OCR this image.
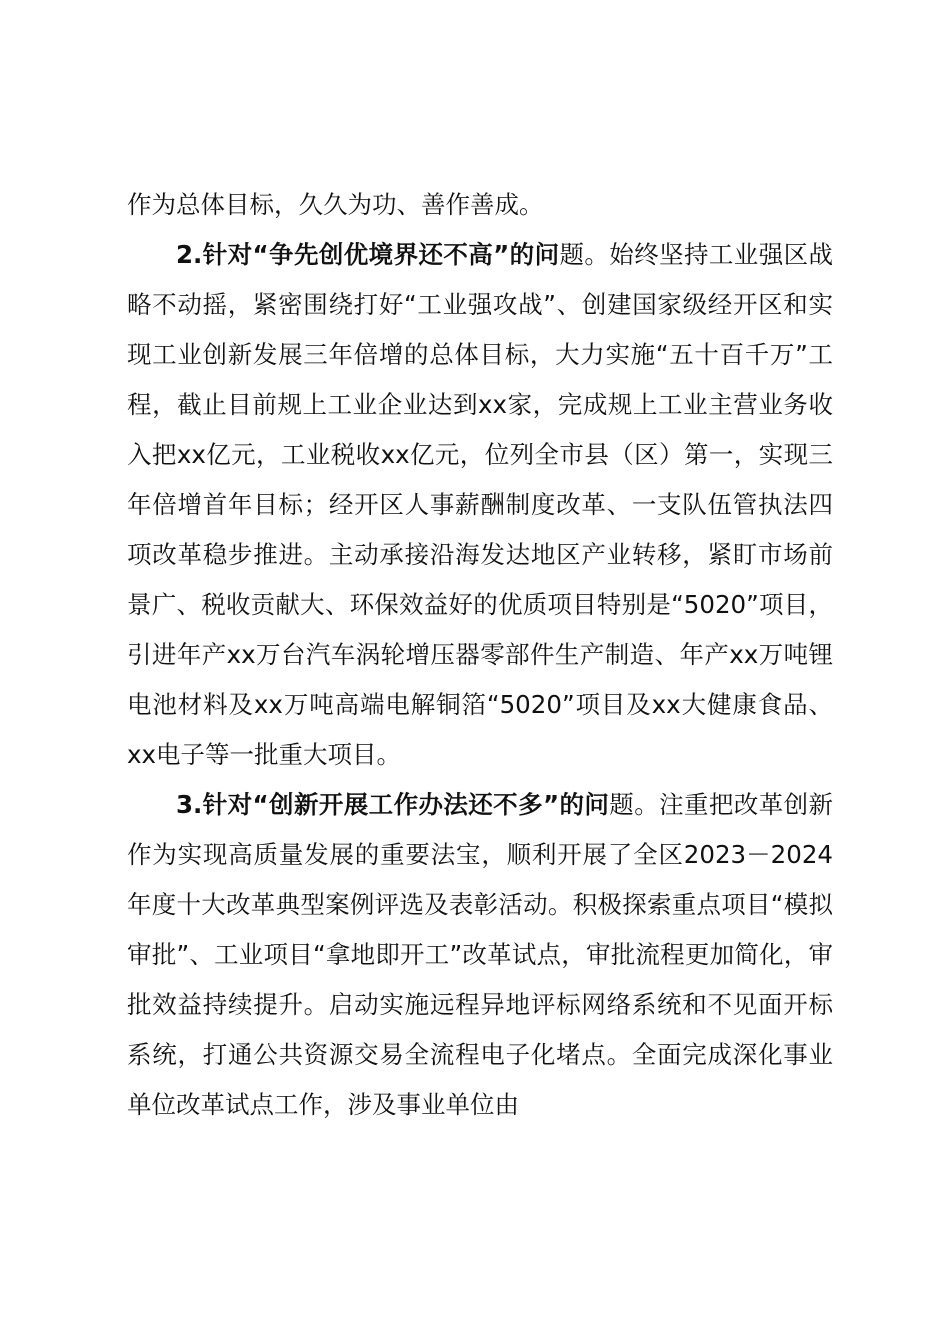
作为总体目标，久久为功、善作善成。

2.针对“争先创优境界还不高”的问题。始终坚持工业强区战略不动摇，紧密围绕打好“工业强攻战”、创建国家级经开区和实现工业创新发展三年倍增的总体目标，大力实施“五十百千万”工程，截止目前规上工业企业达到xx家，完成规上工业主营业务收入把xx亿元，工业税收xx亿元，位列全市县（区）第一，实现三年倍增首年目标；经开区人事薪酬制度改革、一支队伍管执法四项改革稳步推进。主动承接沿海发达地区产业转移，紧盯市场前景广、税收贡献大、环保效益好的优质项目特别是“5020”项目，引进年产xx万台汽车涡轮增压器零部件生产制造、年产xx万吨锂电池材料及xx万吨高端电解铜箔“5020”项目及xx大健康食品、xx电子等一批重大项目。

3.针对“创新开展工作办法还不多”的问题。注重把改革创新作为实现高质量发展的重要法宝，顺利开展了全区2023－2024年度十大改革典型案例评选及表彰活动。积极探索重点项目“模拟审批”、工业项目“拿地即开工”改革试点，审批流程更加简化，审批效益持续提升。启动实施远程异地评标网络系统和不见面开标系统，打通公共资源交易全流程电子化堵点。全面完成深化事业单位改革试点工作，涉及事业单位由
